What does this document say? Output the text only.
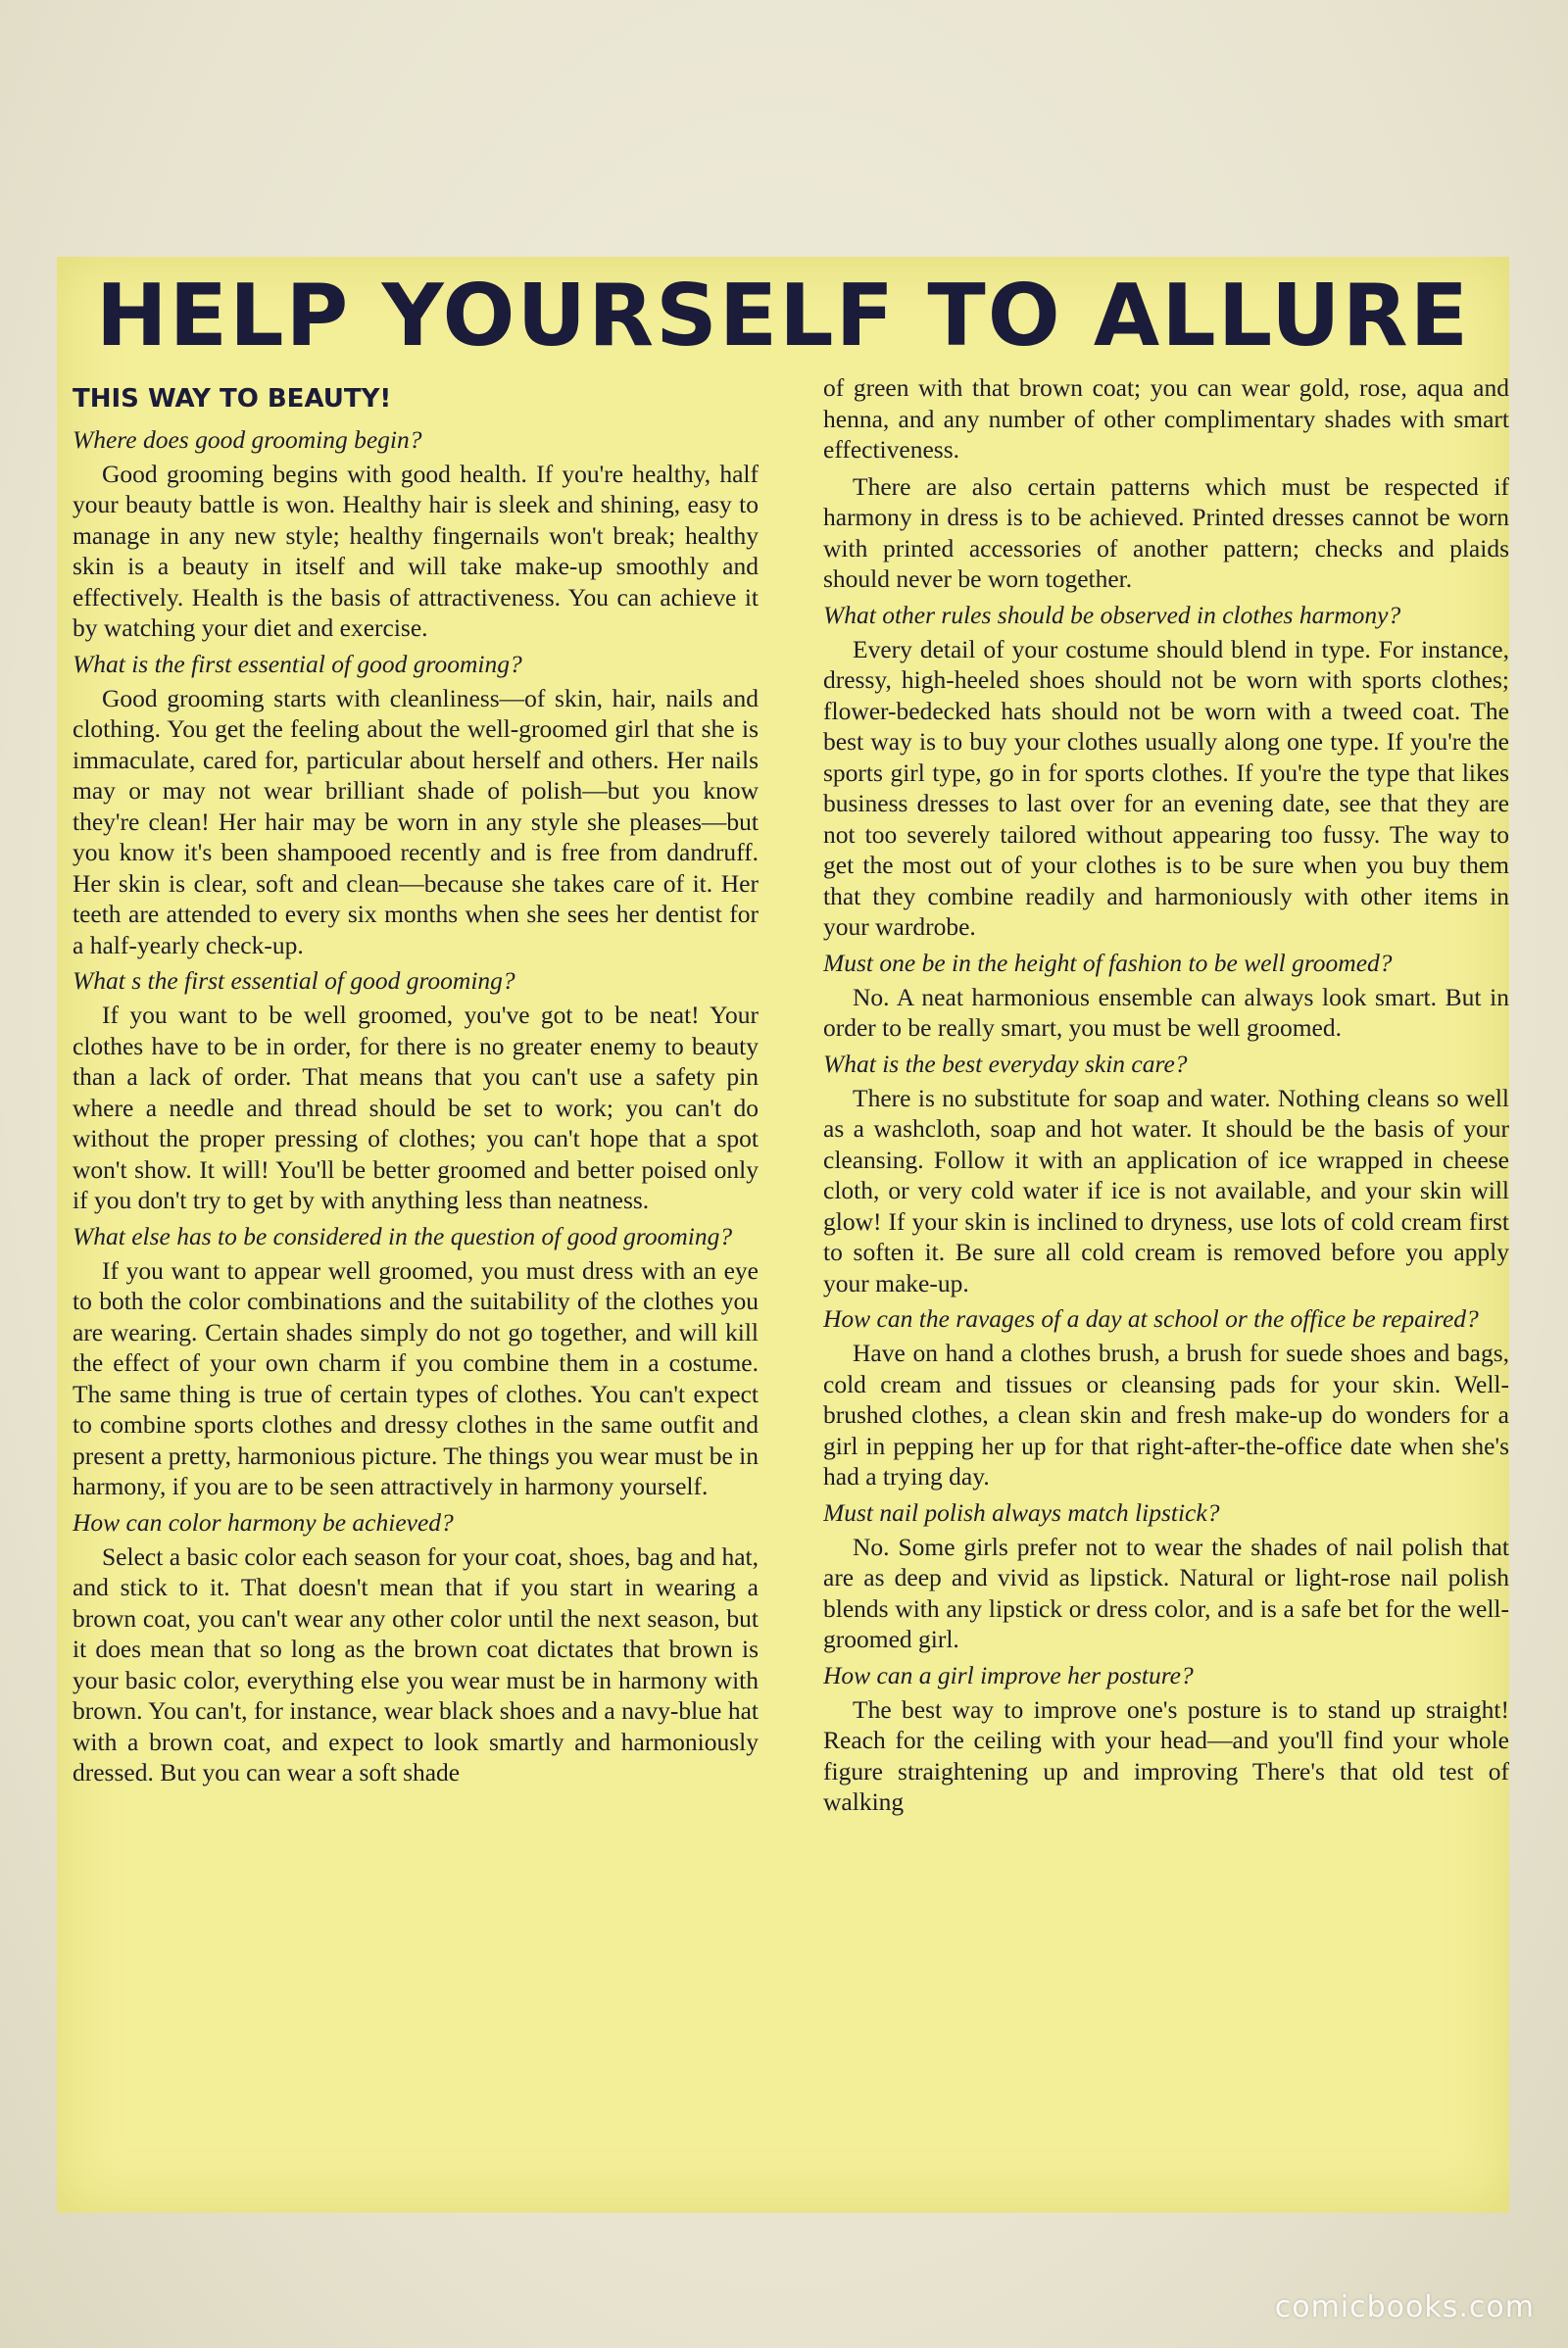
HELP YOURSELF TO ALLURE
THIS WAY TO BEAUTY!
Where does good grooming begin?
Good grooming begins with good health. If you're healthy, half your beauty battle is won. Healthy hair is sleek and shining, easy to manage in any new style; healthy fingernails won't break; healthy skin is a beauty in itself and will take make-up smoothly and effectively. Health is the basis of attractiveness. You can achieve it by watching your diet and exercise.
What is the first essential of good grooming?
Good grooming starts with cleanliness—of skin, hair, nails and clothing. You get the feeling about the well-groomed girl that she is immaculate, cared for, particular about herself and others. Her nails may or may not wear brilliant shade of polish—but you know they're clean! Her hair may be worn in any style she pleases—but you know it's been shampooed recently and is free from dandruff. Her skin is clear, soft and clean—because she takes care of it. Her teeth are attended to every six months when she sees her dentist for a half-yearly check-up.
What s the first essential of good grooming?
If you want to be well groomed, you've got to be neat! Your clothes have to be in order, for there is no greater enemy to beauty than a lack of order. That means that you can't use a safety pin where a needle and thread should be set to work; you can't do without the proper pressing of clothes; you can't hope that a spot won't show. It will! You'll be better groomed and better poised only if you don't try to get by with anything less than neatness.
What else has to be considered in the question of good grooming?
If you want to appear well groomed, you must dress with an eye to both the color combinations and the suitability of the clothes you are wearing. Certain shades simply do not go together, and will kill the effect of your own charm if you combine them in a costume. The same thing is true of certain types of clothes. You can't expect to combine sports clothes and dressy clothes in the same outfit and present a pretty, harmonious picture. The things you wear must be in harmony, if you are to be seen attractively in harmony yourself.
How can color harmony be achieved?
Select a basic color each season for your coat, shoes, bag and hat, and stick to it. That doesn't mean that if you start in wearing a brown coat, you can't wear any other color until the next season, but it does mean that so long as the brown coat dictates that brown is your basic color, everything else you wear must be in harmony with brown. You can't, for instance, wear black shoes and a navy-blue hat with a brown coat, and expect to look smartly and harmoniously dressed. But you can wear a soft shade
of green with that brown coat; you can wear gold, rose, aqua and henna, and any number of other complimentary shades with smart effectiveness.
There are also certain patterns which must be respected if harmony in dress is to be achieved. Printed dresses cannot be worn with printed accessories of another pattern; checks and plaids should never be worn together.
What other rules should be observed in clothes harmony?
Every detail of your costume should blend in type. For instance, dressy, high-heeled shoes should not be worn with sports clothes; flower-bedecked hats should not be worn with a tweed coat. The best way is to buy your clothes usually along one type. If you're the sports girl type, go in for sports clothes. If you're the type that likes business dresses to last over for an evening date, see that they are not too severely tailored without appearing too fussy. The way to get the most out of your clothes is to be sure when you buy them that they combine readily and harmoniously with other items in your wardrobe.
Must one be in the height of fashion to be well groomed?
No. A neat harmonious ensemble can always look smart. But in order to be really smart, you must be well groomed.
What is the best everyday skin care?
There is no substitute for soap and water. Nothing cleans so well as a washcloth, soap and hot water. It should be the basis of your cleansing. Follow it with an application of ice wrapped in cheese cloth, or very cold water if ice is not available, and your skin will glow! If your skin is inclined to dryness, use lots of cold cream first to soften it. Be sure all cold cream is removed before you apply your make-up.
How can the ravages of a day at school or the office be repaired?
Have on hand a clothes brush, a brush for suede shoes and bags, cold cream and tissues or cleansing pads for your skin. Well-brushed clothes, a clean skin and fresh make-up do wonders for a girl in pepping her up for that right-after-the-office date when she's had a trying day.
Must nail polish always match lipstick?
No. Some girls prefer not to wear the shades of nail polish that are as deep and vivid as lipstick. Natural or light-rose nail polish blends with any lipstick or dress color, and is a safe bet for the well-groomed girl.
How can a girl improve her posture?
The best way to improve one's posture is to stand up straight! Reach for the ceiling with your head—and you'll find your whole figure straightening up and improving There's that old test of walking
comicbooks.com
